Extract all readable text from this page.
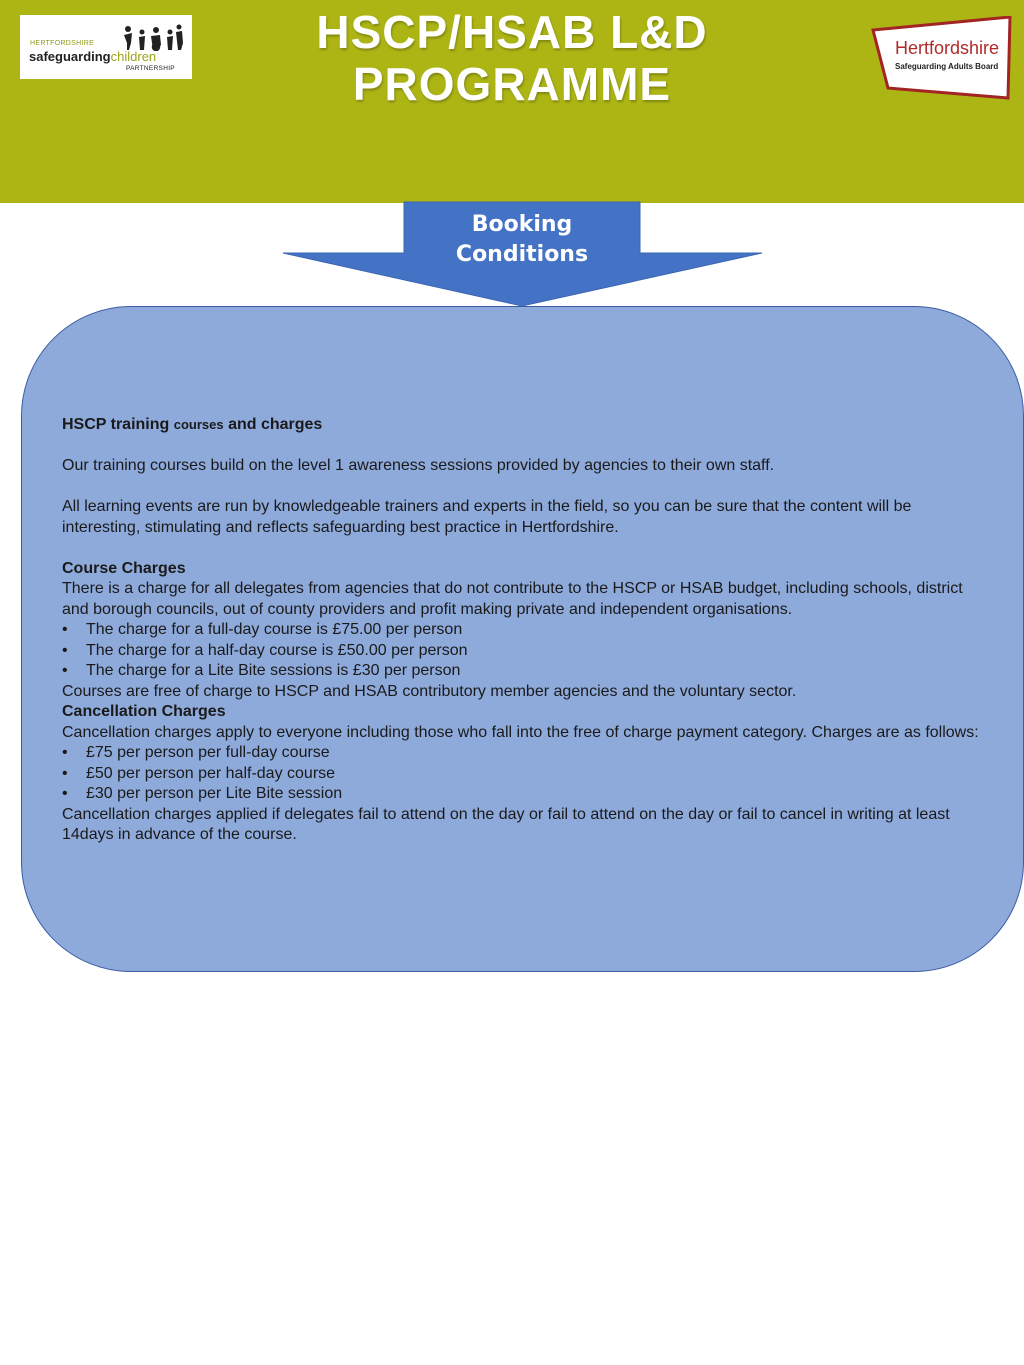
HERTFORDSHIRE
safeguardingchildren
PARTNERSHIP
HSCP/HSAB L&D
PROGRAMME
Hertfordshire
Safeguarding Adults Board
Booking
Conditions

HSCP training courses and charges

Our training courses build on the level 1 awareness sessions provided by agencies to their own staff.

All learning events are run by knowledgeable trainers and experts in the field, so you can be sure that the content will be interesting, stimulating and reflects safeguarding best practice in Hertfordshire.

Course Charges

There is a charge for all delegates from agencies that do not contribute to the HSCP or HSAB budget, including schools, district and borough councils, out of county providers and profit making private and independent organisations.

• The charge for a full-day course is £75.00 per person
• The charge for a half-day course is £50.00 per person
• The charge for a Lite Bite sessions is £30 per person

Courses are free of charge to HSCP and HSAB contributory member agencies and the voluntary sector.

Cancellation Charges

Cancellation charges apply to everyone including those who fall into the free of charge payment category. Charges are as follows:

• £75 per person per full-day course
• £50 per person per half-day course
• £30 per person per Lite Bite session

Cancellation charges applied if delegates fail to attend on the day or fail to attend on the day or fail to cancel in writing at least 14days in advance of the course.
